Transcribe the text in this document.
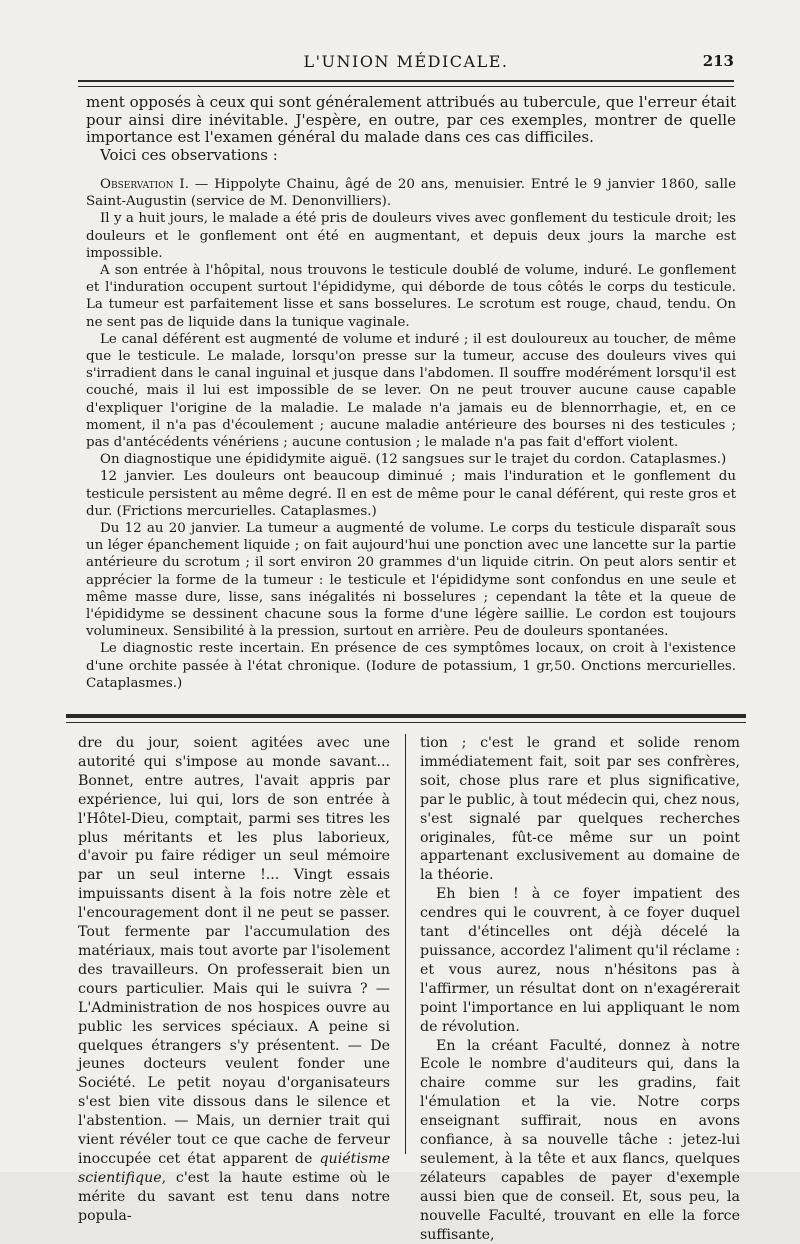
L'UNION MÉDICALE.	213

ment opposés à ceux qui sont généralement attribués au tubercule, que l'erreur était pour ainsi dire inévitable. J'espère, en outre, par ces exemples, montrer de quelle importance est l'examen général du malade dans ces cas difficiles.

Voici ces observations :

Observation I. — Hippolyte Chainu, âgé de 20 ans, menuisier. Entré le 9 janvier 1860, salle Saint-Augustin (service de M. Denonvilliers).

Il y a huit jours, le malade a été pris de douleurs vives avec gonflement du testicule droit; les douleurs et le gonflement ont été en augmentant, et depuis deux jours la marche est impossible.

A son entrée à l'hôpital, nous trouvons le testicule doublé de volume, induré. Le gonflement et l'induration occupent surtout l'épididyme, qui déborde de tous côtés le corps du testicule. La tumeur est parfaitement lisse et sans bosselures. Le scrotum est rouge, chaud, tendu. On ne sent pas de liquide dans la tunique vaginale.

Le canal déférent est augmenté de volume et induré ; il est douloureux au toucher, de même que le testicule. Le malade, lorsqu'on presse sur la tumeur, accuse des douleurs vives qui s'irradient dans le canal inguinal et jusque dans l'abdomen. Il souffre modérément lorsqu'il est couché, mais il lui est impossible de se lever. On ne peut trouver aucune cause capable d'expliquer l'origine de la maladie. Le malade n'a jamais eu de blennorrhagie, et, en ce moment, il n'a pas d'écoulement ; aucune maladie antérieure des bourses ni des testicules ; pas d'antécédents vénériens ; aucune contusion ; le malade n'a pas fait d'effort violent.

On diagnostique une épididymite aiguë. (12 sangsues sur le trajet du cordon. Cataplasmes.)

12 janvier. Les douleurs ont beaucoup diminué ; mais l'induration et le gonflement du testicule persistent au même degré. Il en est de même pour le canal déférent, qui reste gros et dur. (Frictions mercurielles. Cataplasmes.)

Du 12 au 20 janvier. La tumeur a augmenté de volume. Le corps du testicule disparaît sous un léger épanchement liquide ; on fait aujourd'hui une ponction avec une lancette sur la partie antérieure du scrotum ; il sort environ 20 grammes d'un liquide citrin. On peut alors sentir et apprécier la forme de la tumeur : le testicule et l'épididyme sont confondus en une seule et même masse dure, lisse, sans inégalités ni bosselures ; cependant la tête et la queue de l'épididyme se dessinent chacune sous la forme d'une légère saillie. Le cordon est toujours volumineux. Sensibilité à la pression, surtout en arrière. Peu de douleurs spontanées.

Le diagnostic reste incertain. En présence de ces symptômes locaux, on croit à l'existence d'une orchite passée à l'état chronique. (Iodure de potassium, 1 gr,50. Onctions mercurielles. Cataplasmes.)

dre du jour, soient agitées avec une autorité qui s'impose au monde savant... Bonnet, entre autres, l'avait appris par expérience, lui qui, lors de son entrée à l'Hôtel-Dieu, comptait, parmi ses titres les plus méritants et les plus laborieux, d'avoir pu faire rédiger un seul mémoire par un seul interne !... Vingt essais impuissants disent à la fois notre zèle et l'encouragement dont il ne peut se passer. Tout fermente par l'accumulation des matériaux, mais tout avorte par l'isolement des travailleurs. On professerait bien un cours particulier. Mais qui le suivra ? — L'Administration de nos hospices ouvre au public les services spéciaux. A peine si quelques étrangers s'y présentent. — De jeunes docteurs veulent fonder une Société. Le petit noyau d'organisateurs s'est bien vite dissous dans le silence et l'abstention. — Mais, un dernier trait qui vient révéler tout ce que cache de ferveur inoccupée cet état apparent de quiétisme scientifique, c'est la haute estime où le mérite du savant est tenu dans notre popula-

tion ; c'est le grand et solide renom immédiatement fait, soit par ses confrères, soit, chose plus rare et plus significative, par le public, à tout médecin qui, chez nous, s'est signalé par quelques recherches originales, fût-ce même sur un point appartenant exclusivement au domaine de la théorie.

Eh bien ! à ce foyer impatient des cendres qui le couvrent, à ce foyer duquel tant d'étincelles ont déjà décelé la puissance, accordez l'aliment qu'il réclame : et vous aurez, nous n'hésitons pas à l'affirmer, un résultat dont on n'exagérerait point l'importance en lui appliquant le nom de révolution.

En la créant Faculté, donnez à notre Ecole le nombre d'auditeurs qui, dans la chaire comme sur les gradins, fait l'émulation et la vie. Notre corps enseignant suffirait, nous en avons confiance, à sa nouvelle tâche : jetez-lui seulement, à la tête et aux flancs, quelques zélateurs capables de payer d'exemple aussi bien que de conseil. Et, sous peu, la nouvelle Faculté, trouvant en elle la force suffisante,
